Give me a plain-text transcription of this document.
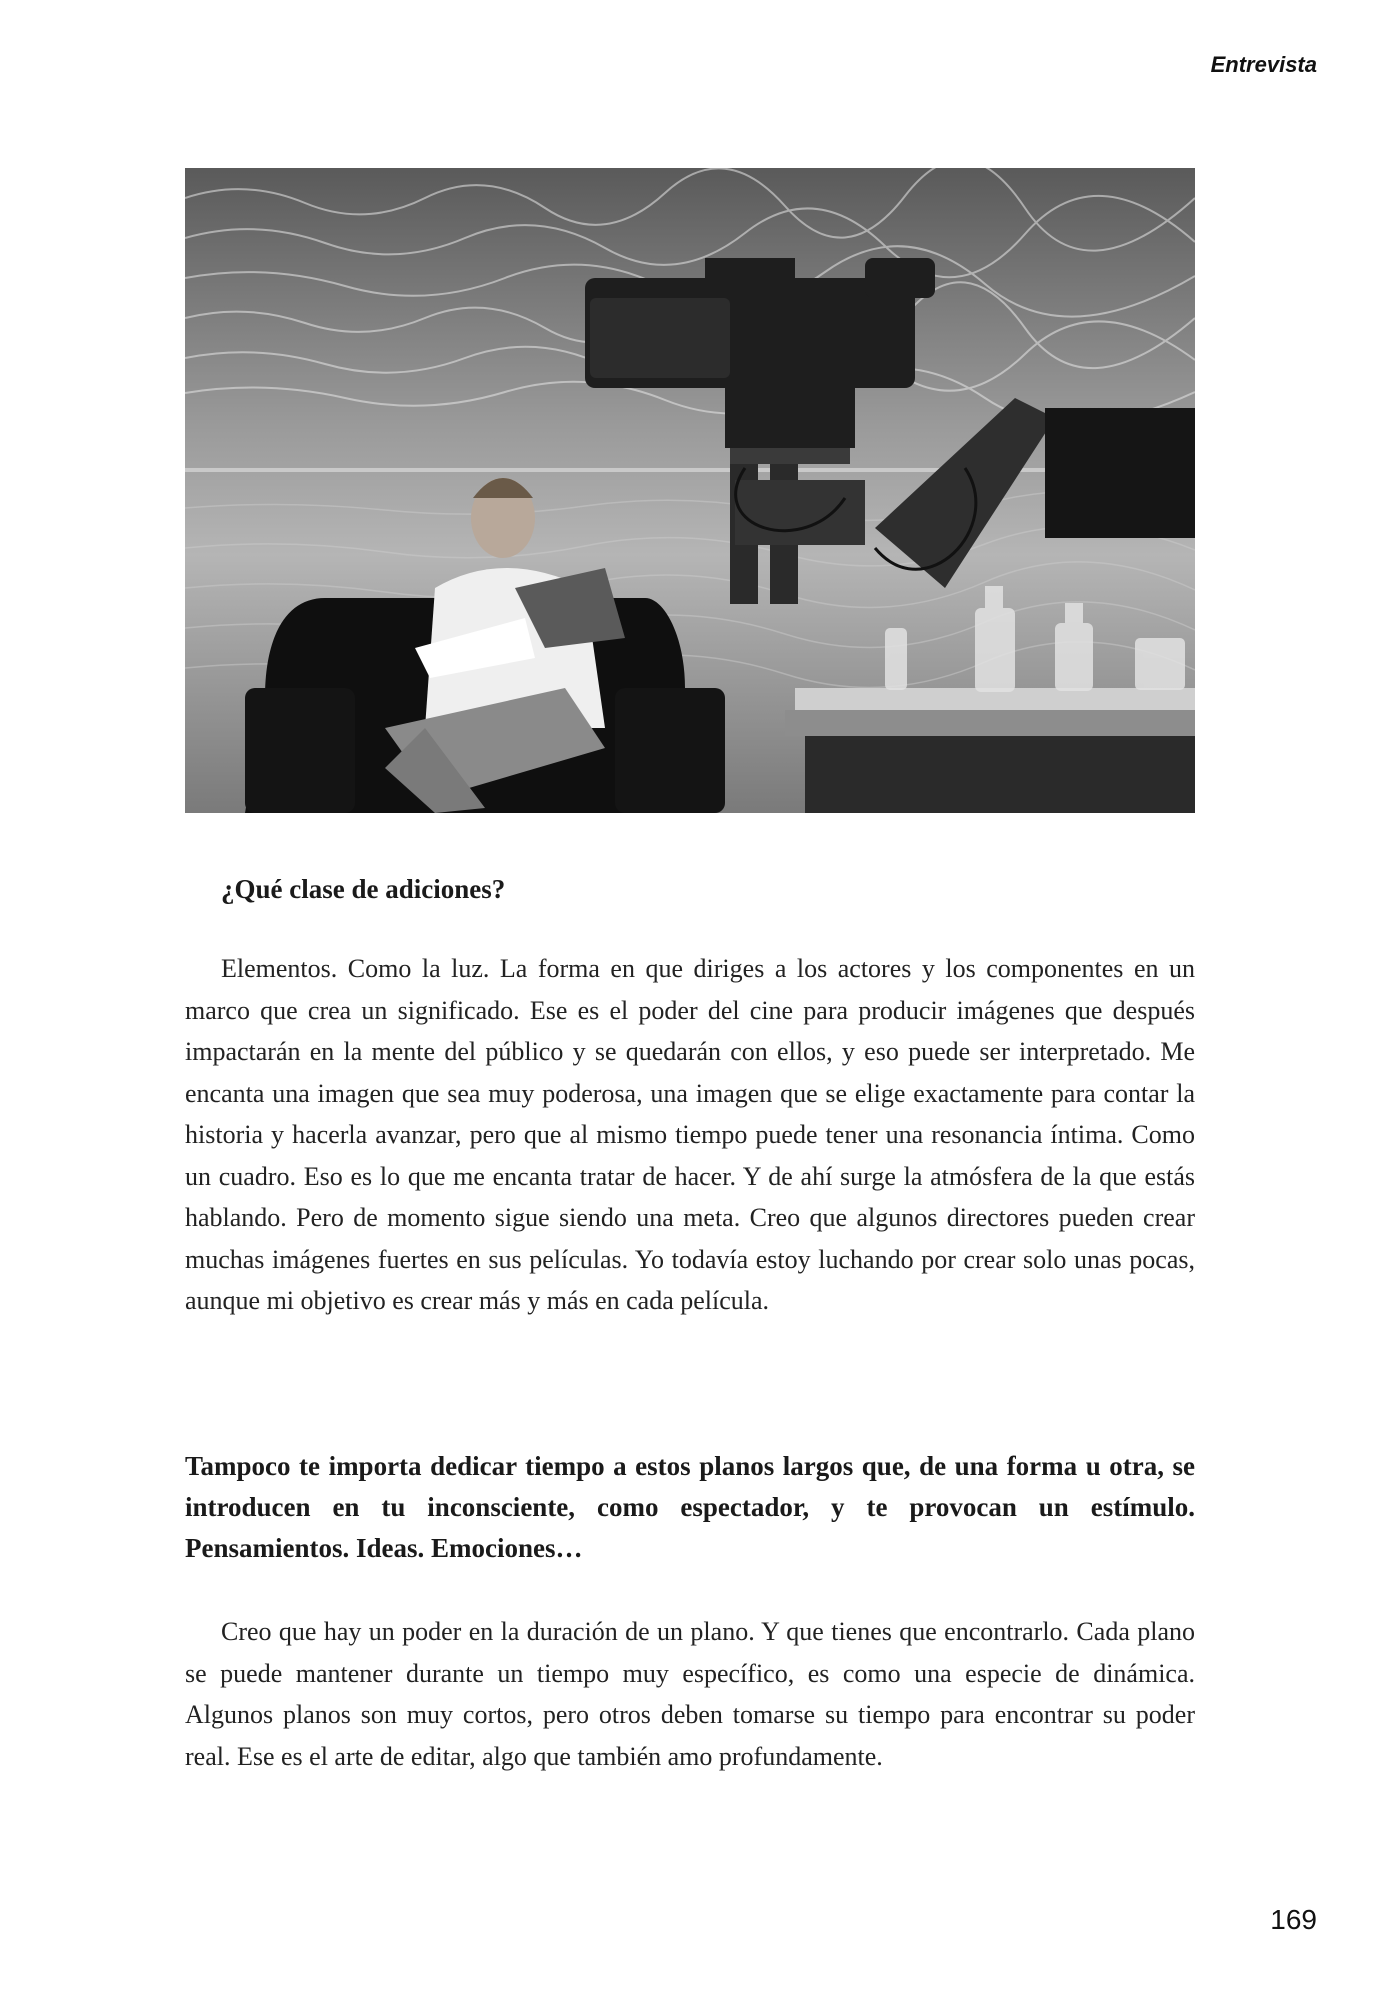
Entrevista

¿Qué clase de adiciones?

Elementos. Como la luz. La forma en que diriges a los actores y los componentes en un marco que crea un significado. Ese es el poder del cine para producir imágenes que después impactarán en la mente del público y se quedarán con ellos, y eso puede ser interpretado. Me encanta una imagen que sea muy poderosa, una imagen que se elige exactamente para contar la historia y hacerla avanzar, pero que al mismo tiempo puede tener una resonancia íntima. Como un cuadro. Eso es lo que me encanta tratar de hacer. Y de ahí surge la atmósfera de la que estás hablando. Pero de momento sigue siendo una meta. Creo que algunos directores pueden crear muchas imágenes fuertes en sus películas. Yo todavía estoy luchando por crear solo unas pocas, aunque mi objetivo es crear más y más en cada película.

Tampoco te importa dedicar tiempo a estos planos largos que, de una forma u otra, se introducen en tu inconsciente, como espectador, y te provocan un estímulo. Pensamientos. Ideas. Emociones…

Creo que hay un poder en la duración de un plano. Y que tienes que encontrarlo. Cada plano se puede mantener durante un tiempo muy específico, es como una especie de dinámica. Algunos planos son muy cortos, pero otros deben tomarse su tiempo para encontrar su poder real. Ese es el arte de editar, algo que también amo profundamente.

169
